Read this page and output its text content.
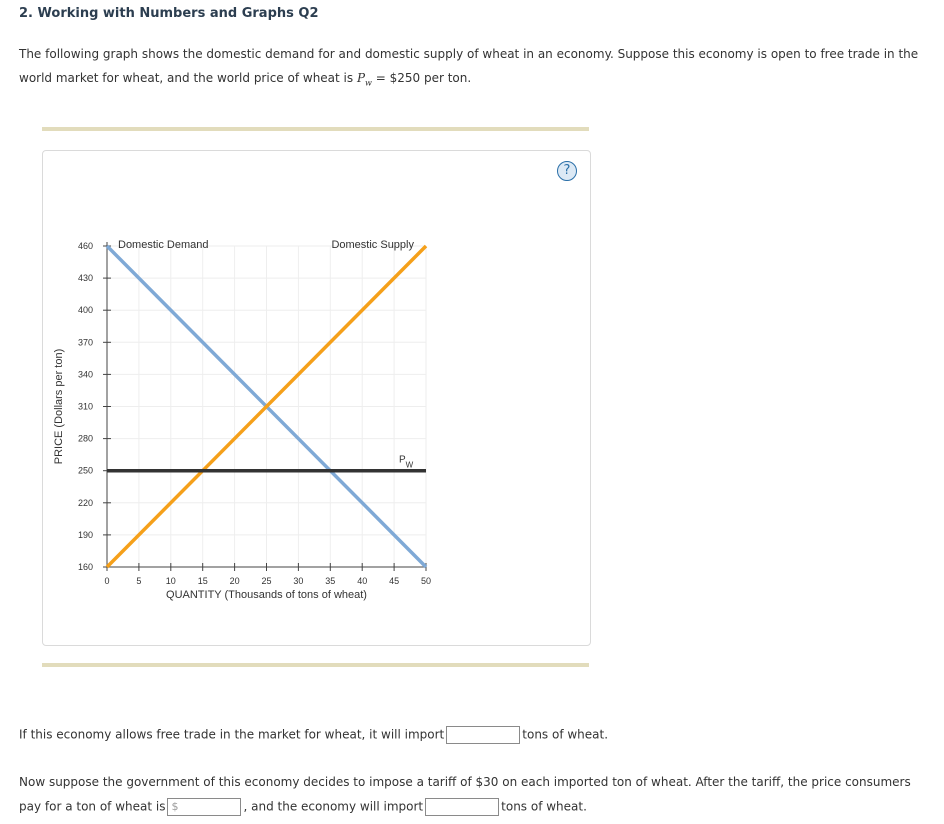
2. Working with Numbers and Graphs Q2
The following graph shows the domestic demand for and domestic supply of wheat in an economy. Suppose this economy is open to free trade in the
world market for wheat, and the world price of wheat is $P_w$ = $250 per ton.
?
160
190
220
250
280
310
340
370
400
430
460
0	5	10 15 20 25 30 35 40 45 50
QUANTITY (Thousands of tons of wheat)
PRICE (Dollars per ton)
Domestic Demand	Domestic Supply
$P_W$
If this economy allows free trade in the market for wheat, it will import	tons of wheat.
Now suppose the government of this economy decides to impose a tariff of $30 on each imported ton of wheat. After the tariff, the price consumers
pay for a ton of wheat is $	, and the economy will import	tons of wheat.
